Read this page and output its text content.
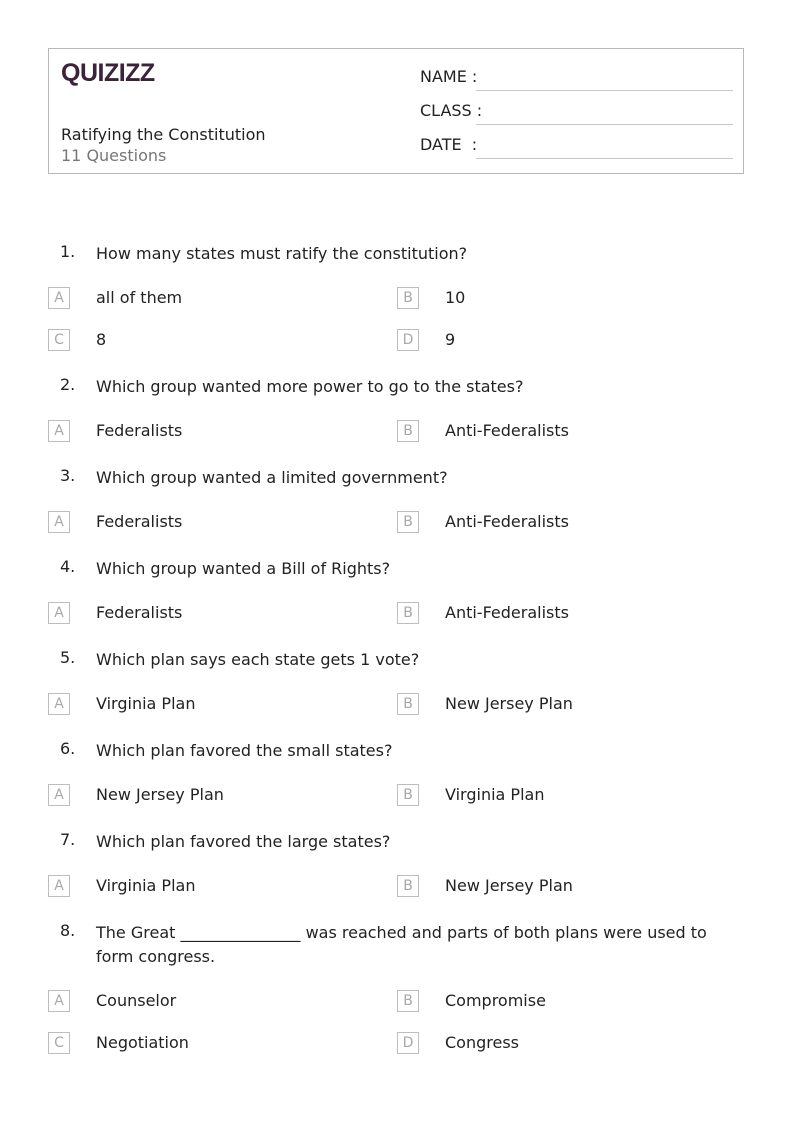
QUIZIZZ
Ratifying the Constitution
11 Questions
NAME :
CLASS :
DATE  :
1. How many states must ratify the constitution?
A	all of them	B	10
C	8	D	9
2. Which group wanted more power to go to the states?
A	Federalists	B	Anti-Federalists
3. Which group wanted a limited government?
A	Federalists	B	Anti-Federalists
4. Which group wanted a Bill of Rights?
A	Federalists	B	Anti-Federalists
5. Which plan says each state gets 1 vote?
A	Virginia Plan	B	New Jersey Plan
6. Which plan favored the small states?
A	New Jersey Plan	B	Virginia Plan
7. Which plan favored the large states?
A	Virginia Plan	B	New Jersey Plan
8. The Great _______________ was reached and parts of both plans were used to form congress.
A	Counselor	B	Compromise
C	Negotiation	D	Congress
